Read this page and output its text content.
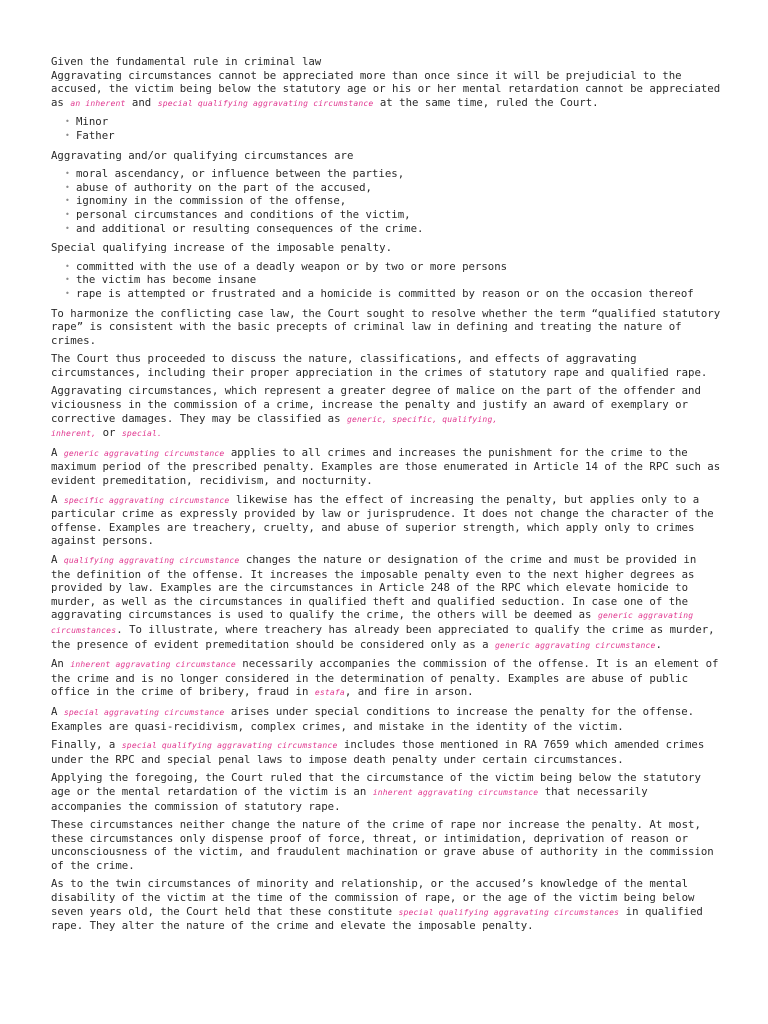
Given the fundamental rule in criminal law
Aggravating circumstances cannot be appreciated more than once since it will be prejudicial to the accused, the victim being below the statutory age or his or her mental retardation cannot be appreciated as an inherent and special qualifying aggravating circumstance at the same time, ruled the Court.

• Minor
• Father

Aggravating and/or qualifying circumstances are

• moral ascendancy, or influence between the parties,
• abuse of authority on the part of the accused,
• ignominy in the commission of the offense,
• personal circumstances and conditions of the victim,
• and additional or resulting consequences of the crime.

Special qualifying increase of the imposable penalty.

• committed with the use of a deadly weapon or by two or more persons
• the victim has become insane
• rape is attempted or frustrated and a homicide is committed by reason or on the occasion thereof

To harmonize the conflicting case law, the Court sought to resolve whether the term “qualified statutory rape” is consistent with the basic precepts of criminal law in defining and treating the nature of crimes.

The Court thus proceeded to discuss the nature, classifications, and effects of aggravating circumstances, including their proper appreciation in the crimes of statutory rape and qualified rape.

Aggravating circumstances, which represent a greater degree of malice on the part of the offender and viciousness in the commission of a crime, increase the penalty and justify an award of exemplary or corrective damages. They may be classified as generic, specific, qualifying,
inherent, or special.

A generic aggravating circumstance applies to all crimes and increases the punishment for the crime to the maximum period of the prescribed penalty. Examples are those enumerated in Article 14 of the RPC such as evident premeditation, recidivism, and nocturnity.

A specific aggravating circumstance likewise has the effect of increasing the penalty, but applies only to a particular crime as expressly provided by law or jurisprudence. It does not change the character of the offense. Examples are treachery, cruelty, and abuse of superior strength, which apply only to crimes against persons.

A qualifying aggravating circumstance changes the nature or designation of the crime and must be provided in the definition of the offense. It increases the imposable penalty even to the next higher degrees as provided by law. Examples are the circumstances in Article 248 of the RPC which elevate homicide to murder, as well as the circumstances in qualified theft and qualified seduction. In case one of the aggravating circumstances is used to qualify the crime, the others will be deemed as generic aggravating circumstances. To illustrate, where treachery has already been appreciated to qualify the crime as murder, the presence of evident premeditation should be considered only as a generic aggravating circumstance.

An inherent aggravating circumstance necessarily accompanies the commission of the offense. It is an element of the crime and is no longer considered in the determination of penalty. Examples are abuse of public office in the crime of bribery, fraud in estafa, and fire in arson.

A special aggravating circumstance arises under special conditions to increase the penalty for the offense. Examples are quasi-recidivism, complex crimes, and mistake in the identity of the victim.

Finally, a special qualifying aggravating circumstance includes those mentioned in RA 7659 which amended crimes under the RPC and special penal laws to impose death penalty under certain circumstances.

Applying the foregoing, the Court ruled that the circumstance of the victim being below the statutory age or the mental retardation of the victim is an inherent aggravating circumstance that necessarily accompanies the commission of statutory rape.

These circumstances neither change the nature of the crime of rape nor increase the penalty. At most, these circumstances only dispense proof of force, threat, or intimidation, deprivation of reason or unconsciousness of the victim, and fraudulent machination or grave abuse of authority in the commission of the crime.

As to the twin circumstances of minority and relationship, or the accused’s knowledge of the mental disability of the victim at the time of the commission of rape, or the age of the victim being below seven years old, the Court held that these constitute special qualifying aggravating circumstances in qualified rape. They alter the nature of the crime and elevate the imposable penalty.
